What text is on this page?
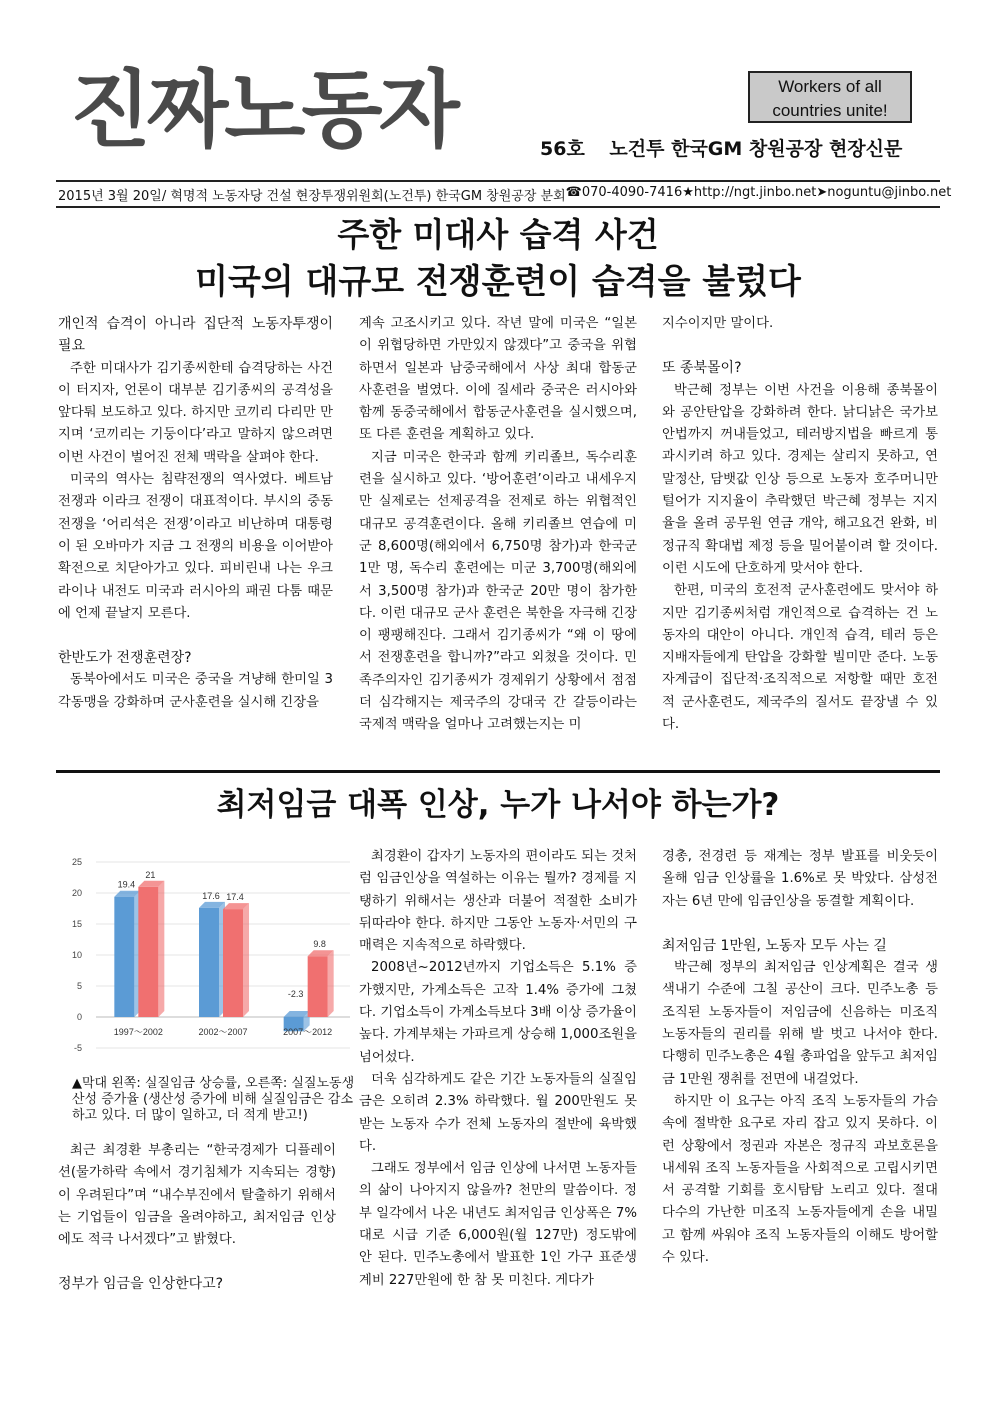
진짜노동자	Workers of all
countries unite!
56호 노건투 한국GM 창원공장 현장신문
2015년 3월 20일/ 혁명적 노동자당 건설 현장투쟁위원회(노건투) 한국GM 창원공장 분회 ☎070-4090-7416 ★http://ngt.jinbo.net ➤noguntu@jinbo.net
주한 미대사 습격 사건
미국의 대규모 전쟁훈련이 습격을 불렀다
개인적 습격이 아니라 집단적 노동자투쟁이 필요

주한 미대사가 김기종씨한테 습격당하는 사건이 터지자, 언론이 대부분 김기종씨의 공격성을 앞다퉈 보도하고 있다. 하지만 코끼리 다리만 만지며 ‘코끼리는 기둥이다’라고 말하지 않으려면 이번 사건이 벌어진 전체 맥락을 살펴야 한다.

미국의 역사는 침략전쟁의 역사였다. 베트남전쟁과 이라크 전쟁이 대표적이다. 부시의 중동전쟁을 ‘어리석은 전쟁’이라고 비난하며 대통령이 된 오바마가 지금 그 전쟁의 비용을 이어받아 확전으로 치닫아가고 있다. 피비린내 나는 우크라이나 내전도 미국과 러시아의 패권 다툼 때문에 언제 끝날지 모른다.

한반도가 전쟁훈련장?

동북아에서도 미국은 중국을 겨냥해 한미일 3각동맹을 강화하며 군사훈련을 실시해 긴장을

계속 고조시키고 있다. 작년 말에 미국은 “일본이 위협당하면 가만있지 않겠다”고 중국을 위협하면서 일본과 남중국해에서 사상 최대 합동군사훈련을 벌였다. 이에 질세라 중국은 러시아와 함께 동중국해에서 합동군사훈련을 실시했으며, 또 다른 훈련을 계획하고 있다.

지금 미국은 한국과 함께 키리졸브, 독수리훈련을 실시하고 있다. ‘방어훈련’이라고 내세우지만 실제로는 선제공격을 전제로 하는 위협적인 대규모 공격훈련이다. 올해 키리졸브 연습에 미군 8,600명(해외에서 6,750명 참가)과 한국군 1만 명, 독수리 훈련에는 미군 3,700명(해외에서 3,500명 참가)과 한국군 20만 명이 참가한다. 이런 대규모 군사 훈련은 북한을 자극해 긴장이 팽팽해진다. 그래서 김기종씨가 “왜 이 땅에서 전쟁훈련을 합니까?”라고 외쳤을 것이다. 민족주의자인 김기종씨가 경제위기 상황에서 점점 더 심각해지는 제국주의 강대국 간 갈등이라는 국제적 맥락을 얼마나 고려했는지는 미

지수이지만 말이다.

또 종북몰이?

박근혜 정부는 이번 사건을 이용해 종북몰이와 공안탄압을 강화하려 한다. 낡디낡은 국가보안법까지 꺼내들었고, 테러방지법을 빠르게 통과시키려 하고 있다. 경제는 살리지 못하고, 연말정산, 담뱃값 인상 등으로 노동자 호주머니만 털어가 지지율이 추락했던 박근혜 정부는 지지율을 올려 공무원 연금 개악, 해고요건 완화, 비정규직 확대법 제정 등을 밀어붙이려 할 것이다. 이런 시도에 단호하게 맞서야 한다.

한편, 미국의 호전적 군사훈련에도 맞서야 하지만 김기종씨처럼 개인적으로 습격하는 건 노동자의 대안이 아니다. 개인적 습격, 테러 등은 지배자들에게 탄압을 강화할 빌미만 준다. 노동자계급이 집단적·조직적으로 저항할 때만 호전적 군사훈련도, 제국주의 질서도 끝장낼 수 있다.

최저임금 대폭 인상, 누가 나서야 하는가?
-5
0
5
10
15
20
25
19.4
21
1997～2002
17.6 17.4
2002～2007
-2.3
9.8
2007～2012
▲막대 왼쪽: 실질임금 상승률, 오른쪽: 실질노동생산성 증가율 (생산성 증가에 비해 실질임금은 감소하고 있다. 더 많이 일하고, 더 적게 받고!)

최근 최경환 부총리는 “한국경제가 디플레이션(물가하락 속에서 경기침체가 지속되는 경향)이 우려된다”며 “내수부진에서 탈출하기 위해서는 기업들이 임금을 올려야하고, 최저임금 인상에도 적극 나서겠다”고 밝혔다.

정부가 임금을 인상한다고?

최경환이 갑자기 노동자의 편이라도 되는 것처럼 임금인상을 역설하는 이유는 뭘까? 경제를 지탱하기 위해서는 생산과 더불어 적절한 소비가 뒤따라야 한다. 하지만 그동안 노동자·서민의 구매력은 지속적으로 하락했다.

2008년~2012년까지 기업소득은 5.1% 증가했지만, 가계소득은 고작 1.4% 증가에 그쳤다. 기업소득이 가계소득보다 3배 이상 증가율이 높다. 가계부채는 가파르게 상승해 1,000조원을 넘어섰다.

더욱 심각하게도 같은 기간 노동자들의 실질임금은 오히려 2.3% 하락했다. 월 200만원도 못 받는 노동자 수가 전체 노동자의 절반에 육박했다.

그래도 정부에서 임금 인상에 나서면 노동자들의 삶이 나아지지 않을까? 천만의 말씀이다. 정부 일각에서 나온 내년도 최저임금 인상폭은 7%대로 시급 기준 6,000원(월 127만) 정도밖에 안 된다. 민주노총에서 발표한 1인 가구 표준생계비 227만원에 한 참 못 미친다. 게다가

경총, 전경련 등 재계는 정부 발표를 비웃듯이 올해 임금 인상률을 1.6%로 못 박았다. 삼성전자는 6년 만에 임금인상을 동결할 계획이다.

최저임금 1만원, 노동자 모두 사는 길

박근혜 정부의 최저임금 인상계획은 결국 생색내기 수준에 그칠 공산이 크다. 민주노총 등 조직된 노동자들이 저임금에 신음하는 미조직 노동자들의 권리를 위해 발 벗고 나서야 한다. 다행히 민주노총은 4월 총파업을 앞두고 최저임금 1만원 쟁취를 전면에 내걸었다.

하지만 이 요구는 아직 조직 노동자들의 가슴속에 절박한 요구로 자리 잡고 있지 못하다. 이런 상황에서 정권과 자본은 정규직 과보호론을 내세워 조직 노동자들을 사회적으로 고립시키면서 공격할 기회를 호시탐탐 노리고 있다. 절대 다수의 가난한 미조직 노동자들에게 손을 내밀고 함께 싸워야 조직 노동자들의 이해도 방어할 수 있다.
